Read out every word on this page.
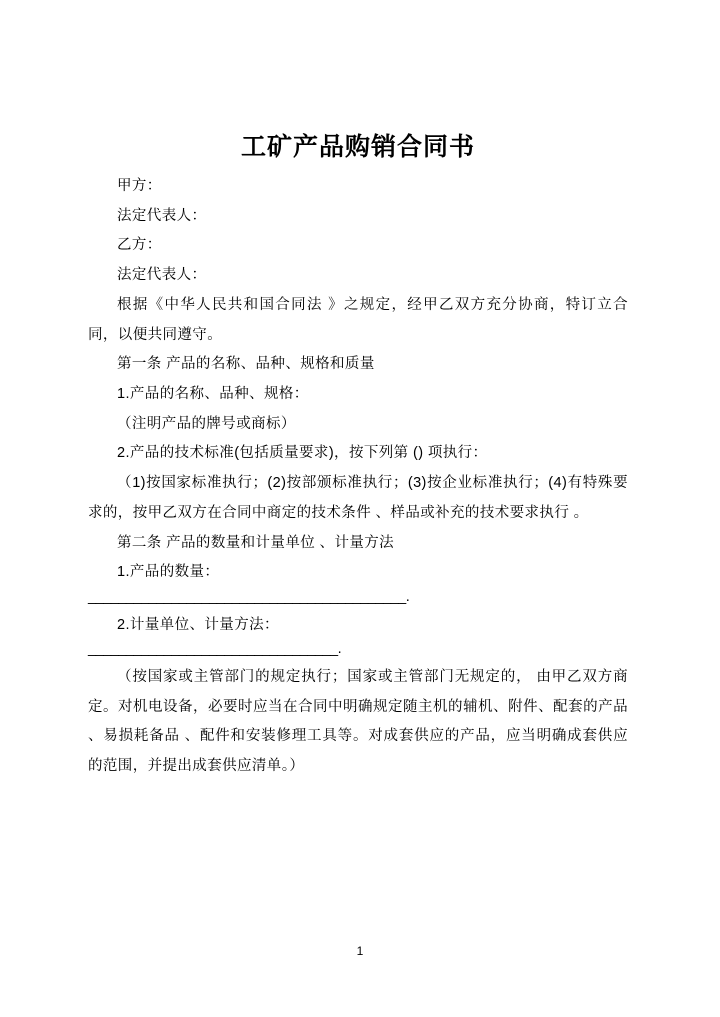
工矿产品购销合同书

甲方：

法定代表人：

乙方：

法定代表人：

根据《中华人民共和国合同法 》之规定，经甲乙双方充分协商，特订立合同，以便共同遵守。

第一条 产品的名称、品种、规格和质量

1.产品的名称、品种、规格：

（注明产品的牌号或商标）

2.产品的技术标准(包括质量要求)，按下列第 () 项执行：

（1)按国家标准执行；(2)按部颁标准执行；(3)按企业标准执行；(4)有特殊要求的，按甲乙双方在合同中商定的技术条件 、样品或补充的技术要求执行 。

第二条 产品的数量和计量单位 、计量方法

1.产品的数量：

__________________________________________.

2.计量单位、计量方法：

_________________________________.

（按国家或主管部门的规定执行；国家或主管部门无规定的， 由甲乙双方商定。对机电设备，必要时应当在合同中明确规定随主机的辅机、附件、配套的产品 、易损耗备品 、配件和安装修理工具等。对成套供应的产品，应当明确成套供应的范围，并提出成套供应清单。）

1
